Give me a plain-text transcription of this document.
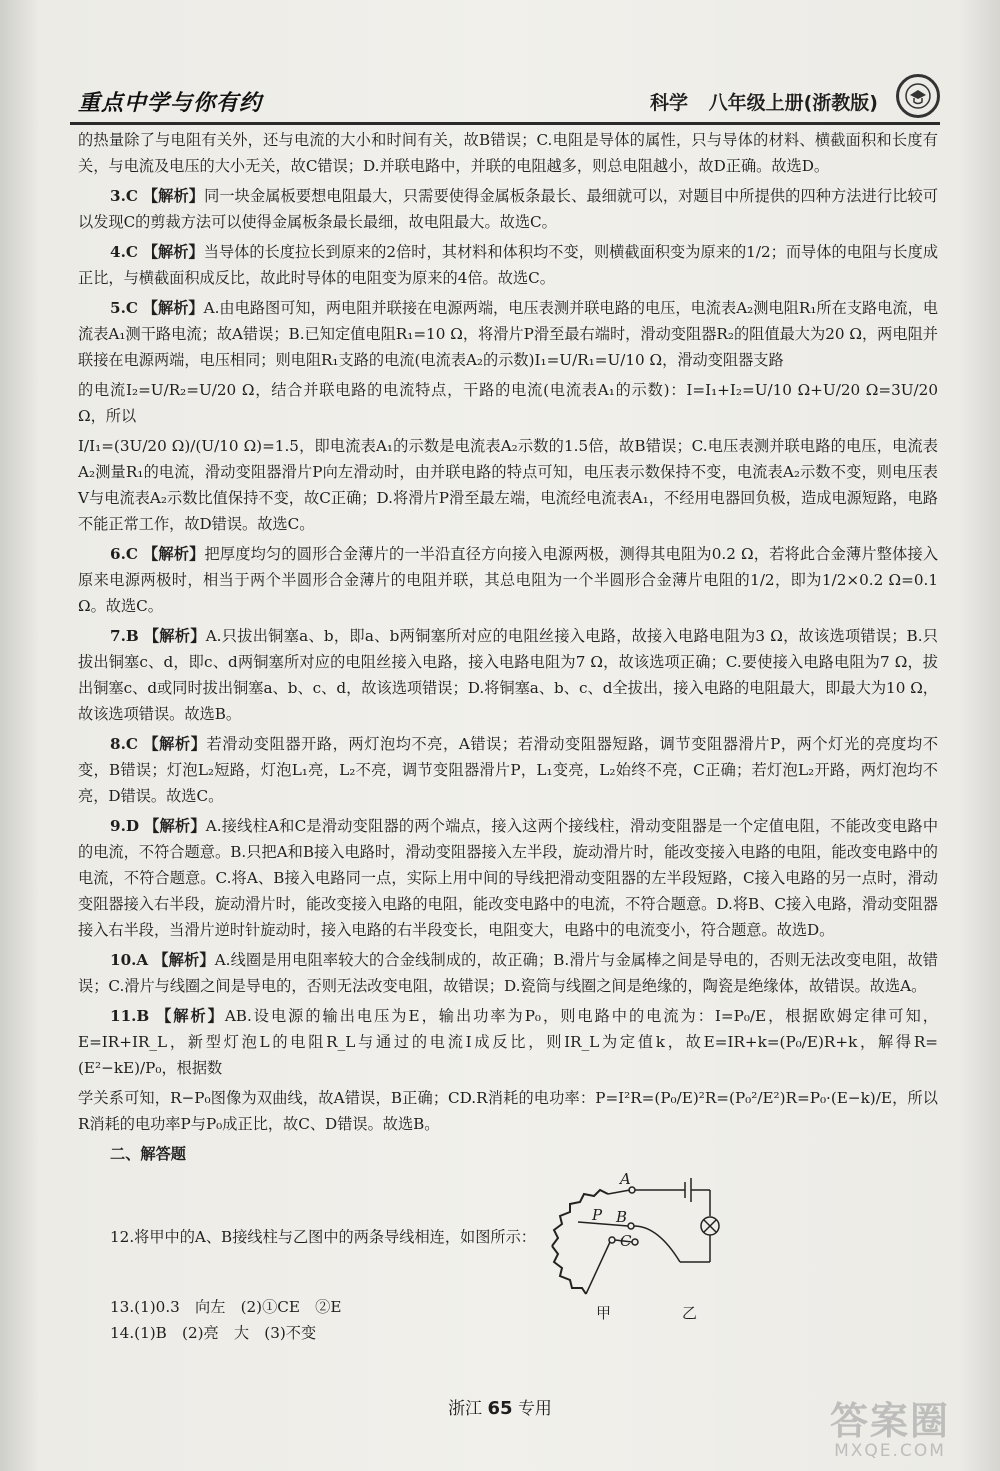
重点中学与你有约	科学 八年级上册(浙教版)

的热量除了与电阻有关外，还与电流的大小和时间有关，故B错误；C.电阻是导体的属性，只与导体的材料、横截面积和长度有关，与电流及电压的大小无关，故C错误；D.并联电路中，并联的电阻越多，则总电阻越小，故D正确。故选D。

3.C 【解析】同一块金属板要想电阻最大，只需要使得金属板条最长、最细就可以，对题目中所提供的四种方法进行比较可以发现C的剪裁方法可以使得金属板条最长最细，故电阻最大。故选C。

4.C 【解析】当导体的长度拉长到原来的2倍时，其材料和体积均不变，则横截面积变为原来的1/2；而导体的电阻与长度成正比，与横截面积成反比，故此时导体的电阻变为原来的4倍。故选C。

5.C 【解析】A.由电路图可知，两电阻并联接在电源两端，电压表测并联电路的电压，电流表A₂测电阻R₁所在支路电流，电流表A₁测干路电流；故A错误；B.已知定值电阻R₁=10 Ω，将滑片P滑至最右端时，滑动变阻器R₂的阻值最大为20 Ω，两电阻并联接在电源两端，电压相同；则电阻R₁支路的电流(电流表A₂的示数)I₁=U/R₁=U/10 Ω，滑动变阻器支路

的电流I₂=U/R₂=U/20 Ω，结合并联电路的电流特点，干路的电流(电流表A₁的示数)：I=I₁+I₂=U/10 Ω+U/20 Ω=3U/20 Ω，所以

I/I₁=(3U/20 Ω)/(U/10 Ω)=1.5，即电流表A₁的示数是电流表A₂示数的1.5倍，故B错误；C.电压表测并联电路的电压，电流表A₂测量R₁的电流，滑动变阻器滑片P向左滑动时，由并联电路的特点可知，电压表示数保持不变，电流表A₂示数不变，则电压表V与电流表A₂示数比值保持不变，故C正确；D.将滑片P滑至最左端，电流经电流表A₁，不经用电器回负极，造成电源短路，电路不能正常工作，故D错误。故选C。

6.C 【解析】把厚度均匀的圆形合金薄片的一半沿直径方向接入电源两极，测得其电阻为0.2 Ω，若将此合金薄片整体接入原来电源两极时，相当于两个半圆形合金薄片的电阻并联，其总电阻为一个半圆形合金薄片电阻的1/2，即为1/2×0.2 Ω=0.1 Ω。故选C。

7.B 【解析】A.只拔出铜塞a、b，即a、b两铜塞所对应的电阻丝接入电路，故接入电路电阻为3 Ω，故该选项错误；B.只拔出铜塞c、d，即c、d两铜塞所对应的电阻丝接入电路，接入电路电阻为7 Ω，故该选项正确；C.要使接入电路电阻为7 Ω，拔出铜塞c、d或同时拔出铜塞a、b、c、d，故该选项错误；D.将铜塞a、b、c、d全拔出，接入电路的电阻最大，即最大为10 Ω，故该选项错误。故选B。

8.C 【解析】若滑动变阻器开路，两灯泡均不亮，A错误；若滑动变阻器短路，调节变阻器滑片P，两个灯光的亮度均不变，B错误；灯泡L₂短路，灯泡L₁亮，L₂不亮，调节变阻器滑片P，L₁变亮，L₂始终不亮，C正确；若灯泡L₂开路，两灯泡均不亮，D错误。故选C。

9.D 【解析】A.接线柱A和C是滑动变阻器的两个端点，接入这两个接线柱，滑动变阻器是一个定值电阻，不能改变电路中的电流，不符合题意。B.只把A和B接入电路时，滑动变阻器接入左半段，旋动滑片时，能改变接入电路的电阻，能改变电路中的电流，不符合题意。C.将A、B接入电路同一点，实际上用中间的导线把滑动变阻器的左半段短路，C接入电路的另一点时，滑动变阻器接入右半段，旋动滑片时，能改变接入电路的电阻，能改变电路中的电流，不符合题意。D.将B、C接入电路，滑动变阻器接入右半段，当滑片逆时针旋动时，接入电路的右半段变长，电阻变大，电路中的电流变小，符合题意。故选D。

10.A 【解析】A.线圈是用电阻率较大的合金线制成的，故正确；B.滑片与金属棒之间是导电的，否则无法改变电阻，故错误；C.滑片与线圈之间是导电的，否则无法改变电阻，故错误；D.瓷筒与线圈之间是绝缘的，陶瓷是绝缘体，故错误。故选A。

11.B 【解析】AB.设电源的输出电压为E，输出功率为P₀，则电路中的电流为：I=P₀/E，根据欧姆定律可知，E=IR+IR_L，新型灯泡L的电阻R_L与通过的电流I成反比，则IR_L为定值k，故E=IR+k=(P₀/E)R+k，解得R=(E²−kE)/P₀，根据数

学关系可知，R−P₀图像为双曲线，故A错误，B正确；CD.R消耗的电功率：P=I²R=(P₀/E)²R=(P₀²/E²)R=P₀·(E−k)/E，所以R消耗的电功率P与P₀成正比，故C、D错误。故选B。

二、解答题

12.将甲中的A、B接线柱与乙图中的两条导线相连，如图所示：
A
B
C
P
甲	乙
13.(1)0.3　向左　(2)①CE　②E
14.(1)B　(2)亮　大　(3)不变
浙江 65 专用	答案圈
MXQE.COM
